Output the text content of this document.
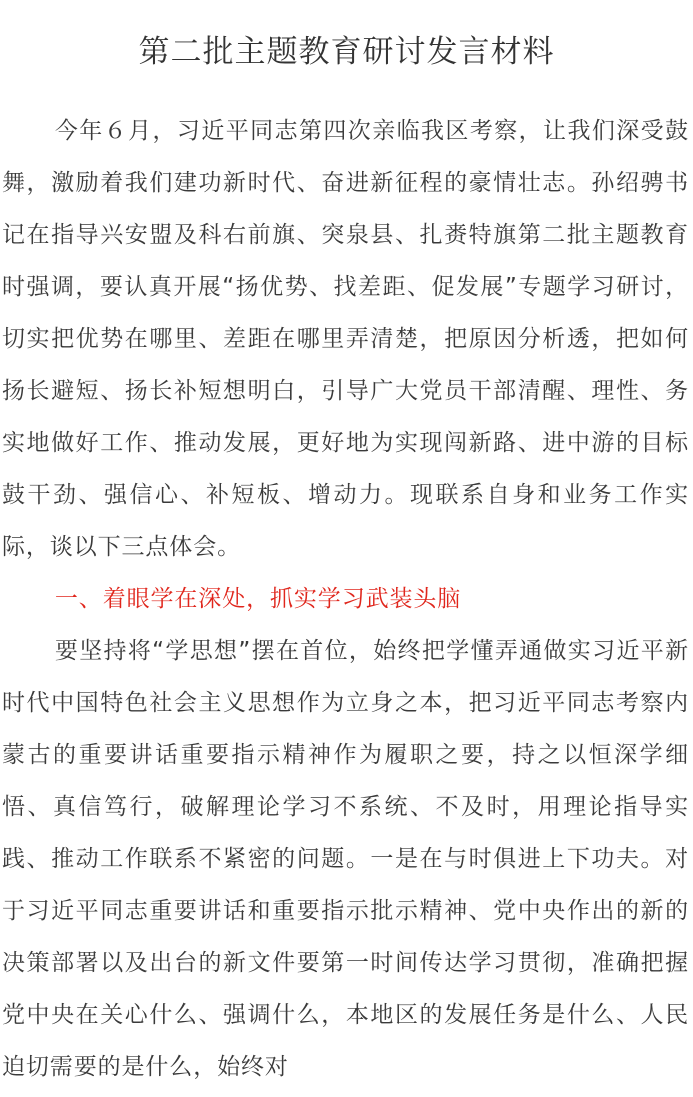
第二批主题教育研讨发言材料

今年６月，习近平同志第四次亲临我区考察，让我们深受鼓舞，激励着我们建功新时代、奋进新征程的豪情壮志。孙绍骋书记在指导兴安盟及科右前旗、突泉县、扎赉特旗第二批主题教育时强调，要认真开展“扬优势、找差距、促发展”专题学习研讨，切实把优势在哪里、差距在哪里弄清楚，把原因分析透，把如何扬长避短、扬长补短想明白，引导广大党员干部清醒、理性、务实地做好工作、推动发展，更好地为实现闯新路、进中游的目标鼓干劲、强信心、补短板、增动力。现联系自身和业务工作实际，谈以下三点体会。

一、着眼学在深处，抓实学习武装头脑

要坚持将“学思想”摆在首位，始终把学懂弄通做实习近平新时代中国特色社会主义思想作为立身之本，把习近平同志考察内蒙古的重要讲话重要指示精神作为履职之要，持之以恒深学细悟、真信笃行，破解理论学习不系统、不及时，用理论指导实践、推动工作联系不紧密的问题。一是在与时俱进上下功夫。对于习近平同志重要讲话和重要指示批示精神、党中央作出的新的决策部署以及出台的新文件要第一时间传达学习贯彻，准确把握党中央在关心什么、强调什么，本地区的发展任务是什么、人民迫切需要的是什么，始终对
